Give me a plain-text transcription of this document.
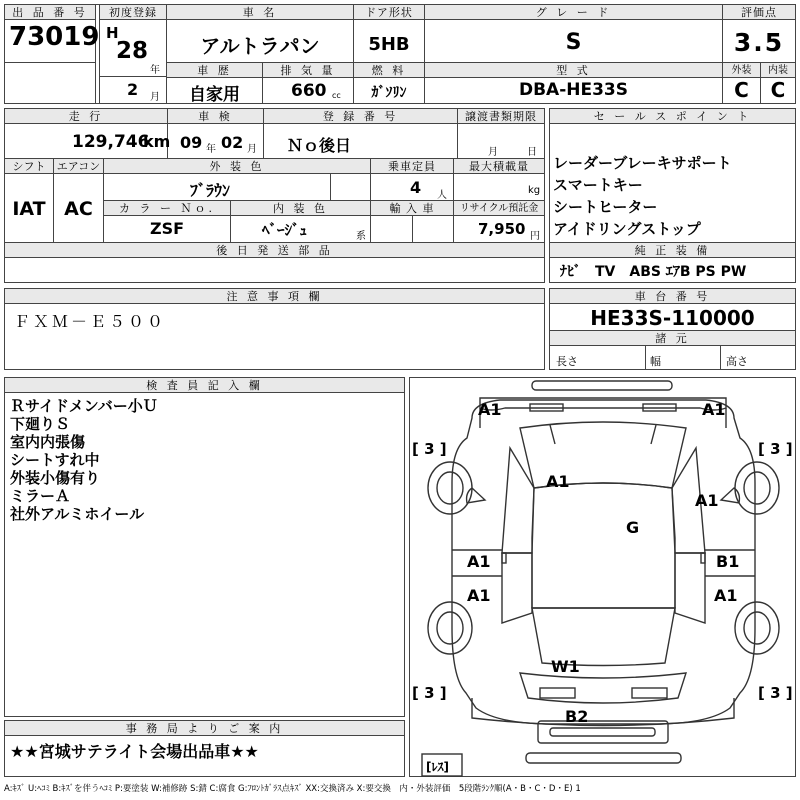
出 品 番 号
73019
初度登録
H
28
年
2 月
車 名
アルトラパン
ドア形状
5HB
グ レ ー ド
S
評価点
3.5
車 歴
自家用
排 気 量
660 cc
燃 料
ｶﾞｿﾘﾝ
型 式
DBA-HE33S
外装	内装
C	C
走 行
129,746
km
車 検
09 年 02 月
登 録 番 号
Ｎｏ後日
譲渡書類期限
月	日
シフト	エアコン
IAT AC
外 装 色
ﾌﾞﾗｳﾝ
乗車定員
4 人
最大積載量
kg
カ ラ ー Ｎｏ.
ZSF
内 装 色
ﾍﾞｰｼﾞｭ	系
輸 入 車	リサイクル預託金
7,950 円
後 日 発 送 部 品
セ ー ル ス ポ イ ン ト
レーダーブレーキサポート
スマートキー
シートヒーター
アイドリングストップ
純 正 装 備
ﾅﾋﾞ　TV　ABS ｴｱB PS PW
注 意 事 項 欄
ＦＸＭ－Ｅ５００
車 台 番 号
HE33S-110000
諸 元
長さ	幅	高さ
検 査 員 記 入 欄
Ｒサイドメンバー小Ｕ
下廻りＳ
室内内張傷
シートすれ中
外装小傷有り
ミラーＡ
社外アルミホイール
事 務 局 よ り ご 案 内
★★宮城サテライト会場出品車★★
A1	A1
A1
A1
G
A1	B1
A1	A1
W1
B2
[ 3 ]	[ 3 ]
[ 3 ]	[ 3 ]
[ﾚｽ]
A:ｷｽﾞ U:ﾍｺﾐ B:ｷｽﾞを伴うﾍｺﾐ P:要塗装 W:補修跡 S:錆 C:腐食 G:ﾌﾛﾝﾄｶﾞﾗｽ点ｷｽﾞ XX:交換済み X:要交換　内・外装評価　5段階ﾗﾝｸ順(A・B・C・D・E) 1
